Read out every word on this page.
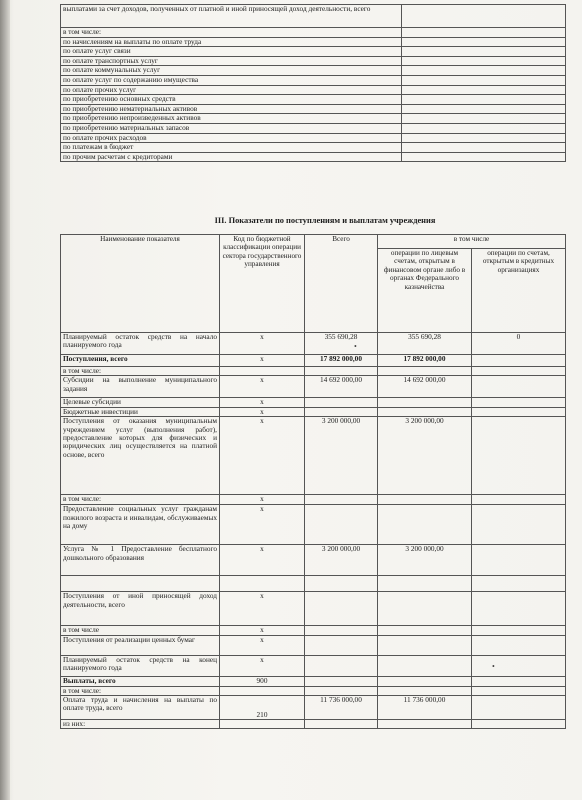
выплатами за счет доходов, полученных от платной и иной приносящей доход деятельности, всего	
в том числе:	
по начислениям на выплаты по оплате труда	
по оплате услуг связи	
по оплате транспортных услуг	
по оплате коммунальных услуг	
по оплате услуг по содержанию имущества	
по оплате прочих услуг	
по приобретению основных средств	
по приобретению нематериальных активов	
по приобретению непроизведенных активов	
по приобретению материальных запасов	
по оплате прочих расходов	
по платежам в бюджет	
по прочим расчетам с кредиторами	
III. Показатели по поступлениям и выплатам учреждения
Наименование показателя	Код по бюджетной классификации операции сектора государственного управления	Всего	в том числе	
			операции по лицевым счетам, открытым в финансовом органе либо в органах Федерального казначейства	операции по счетам, открытым в кредитных организациях
Планируемый остаток средств на начало планируемого года	х	355 690,28	355 690,28	0
Поступления, всего	х	17 892 000,00	17 892 000,00	
в том числе:				
Субсидии на выполнение муниципального задания	х	14 692 000,00	14 692 000,00	
Целевые субсидии	х			
Бюджетные инвестиции	х			
Поступления от оказания муниципальным учреждением услуг (выполнения работ), предоставление которых для физических и юридических лиц осуществляется на платной основе, всего	х	3 200 000,00	3 200 000,00	
в том числе:	х			
Предоставление социальных услуг гражданам пожилого возраста и инвалидам, обслуживаемых на дому	х			
Услуга № 1 Предоставление бесплатного дошкольного образования	х	3 200 000,00	3 200 000,00	

Поступления от иной приносящей доход деятельности, всего	х			
в том числе	х			
Поступления от реализации ценных бумаг	х			
Планируемый остаток средств на конец планируемого года	х			
Выплаты, всего	900			
в том числе:				
Оплата труда и начисления на выплаты по оплате труда, всего	210	11 736 000,00	11 736 000,00	
из них:				
•
•
